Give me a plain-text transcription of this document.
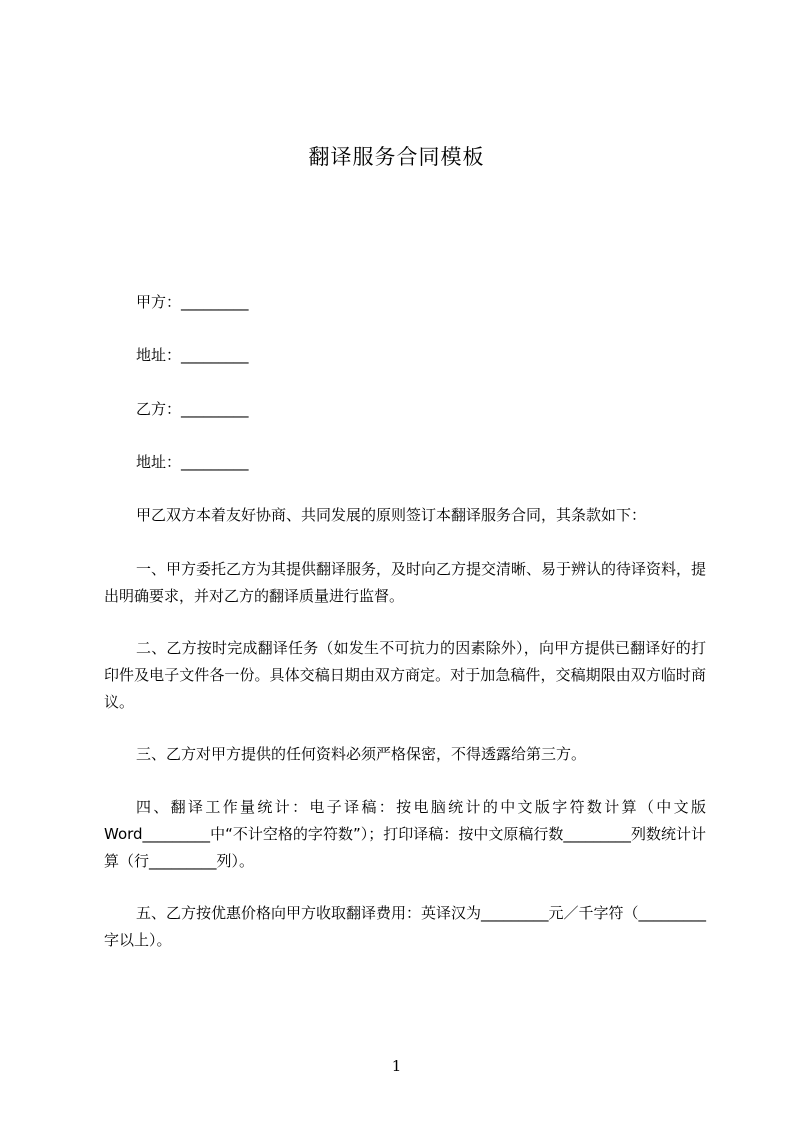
翻译服务合同模板
甲方：_________
地址：_________
乙方：_________
地址：_________
甲乙双方本着友好协商、共同发展的原则签订本翻译服务合同，其条款如下：
一、甲方委托乙方为其提供翻译服务，及时向乙方提交清晰、易于辨认的待译资料，提出明确要求，并对乙方的翻译质量进行监督。
二、乙方按时完成翻译任务（如发生不可抗力的因素除外），向甲方提供已翻译好的打印件及电子文件各一份。具体交稿日期由双方商定。对于加急稿件，交稿期限由双方临时商议。
三、乙方对甲方提供的任何资料必须严格保密，不得透露给第三方。
四、翻译工作量统计：电子译稿：按电脑统计的中文版字符数计算（中文版Word_________中“不计空格的字符数”）；打印译稿：按中文原稿行数_________列数统计计算（行_________列）。
五、乙方按优惠价格向甲方收取翻译费用：英译汉为_________元／千字符（_________字以上）。
1
